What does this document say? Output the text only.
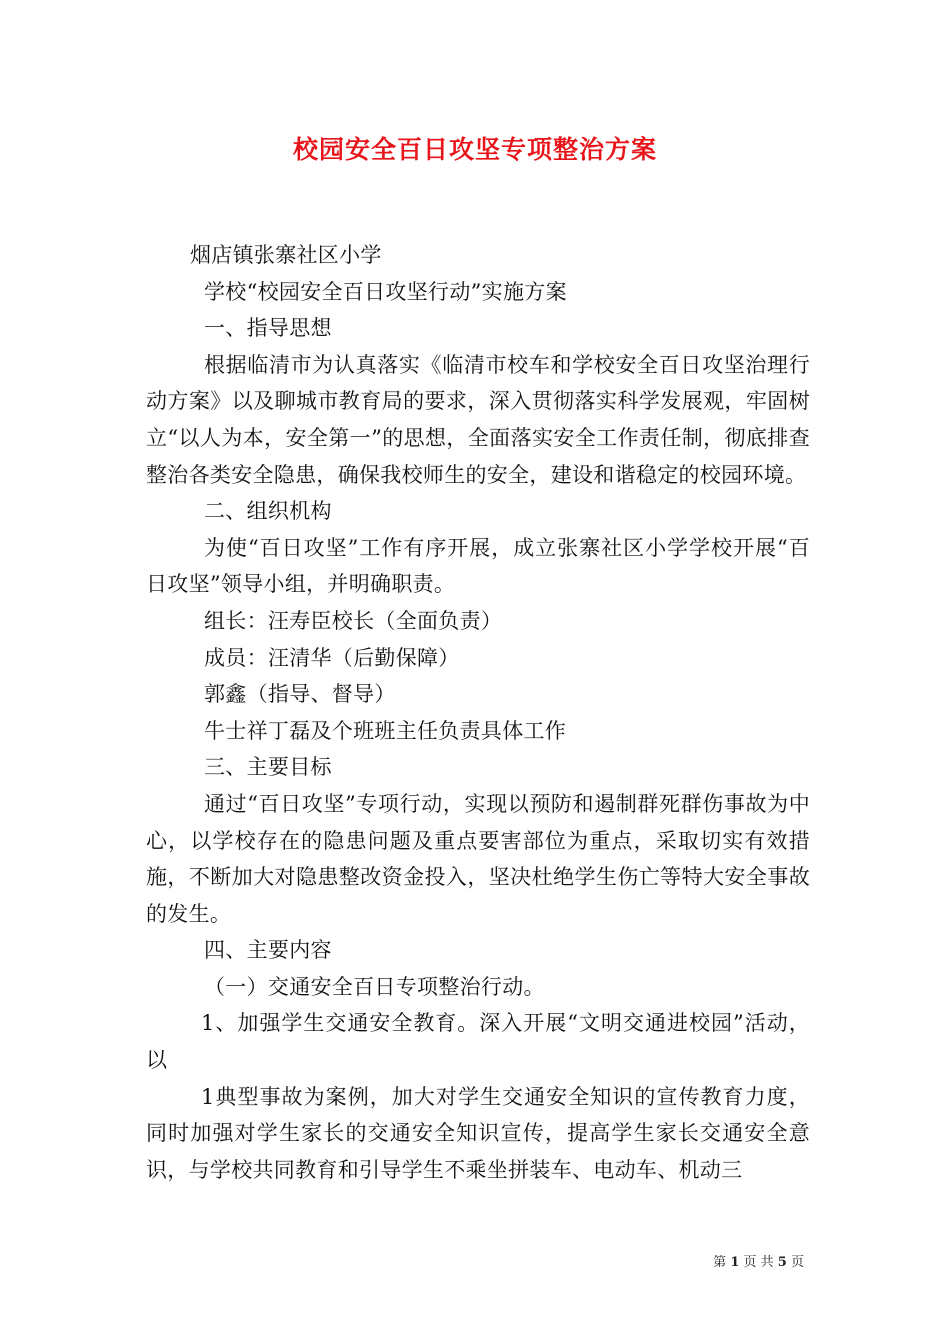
校园安全百日攻坚专项整治方案

烟店镇张寨社区小学

学校“校园安全百日攻坚行动”实施方案

一、指导思想

根据临清市为认真落实《临清市校车和学校安全百日攻坚治理行动方案》以及聊城市教育局的要求，深入贯彻落实科学发展观，牢固树立“以人为本，安全第一”的思想，全面落实安全工作责任制，彻底排查整治各类安全隐患，确保我校师生的安全，建设和谐稳定的校园环境。

二、组织机构

为使“百日攻坚”工作有序开展，成立张寨社区小学学校开展“百日攻坚”领导小组，并明确职责。

组长：汪寿臣校长（全面负责）

成员：汪清华（后勤保障）

郭鑫（指导、督导）

牛士祥丁磊及个班班主任负责具体工作

三、主要目标

通过“百日攻坚”专项行动，实现以预防和遏制群死群伤事故为中心，以学校存在的隐患问题及重点要害部位为重点，采取切实有效措施，不断加大对隐患整改资金投入，坚决杜绝学生伤亡等特大安全事故的发生。

四、主要内容

（一）交通安全百日专项整治行动。

1、加强学生交通安全教育。深入开展“文明交通进校园”活动，以

1典型事故为案例，加大对学生交通安全知识的宣传教育力度，同时加强对学生家长的交通安全知识宣传，提高学生家长交通安全意识，与学校共同教育和引导学生不乘坐拼装车、电动车、机动三

第 1 页 共 5 页
